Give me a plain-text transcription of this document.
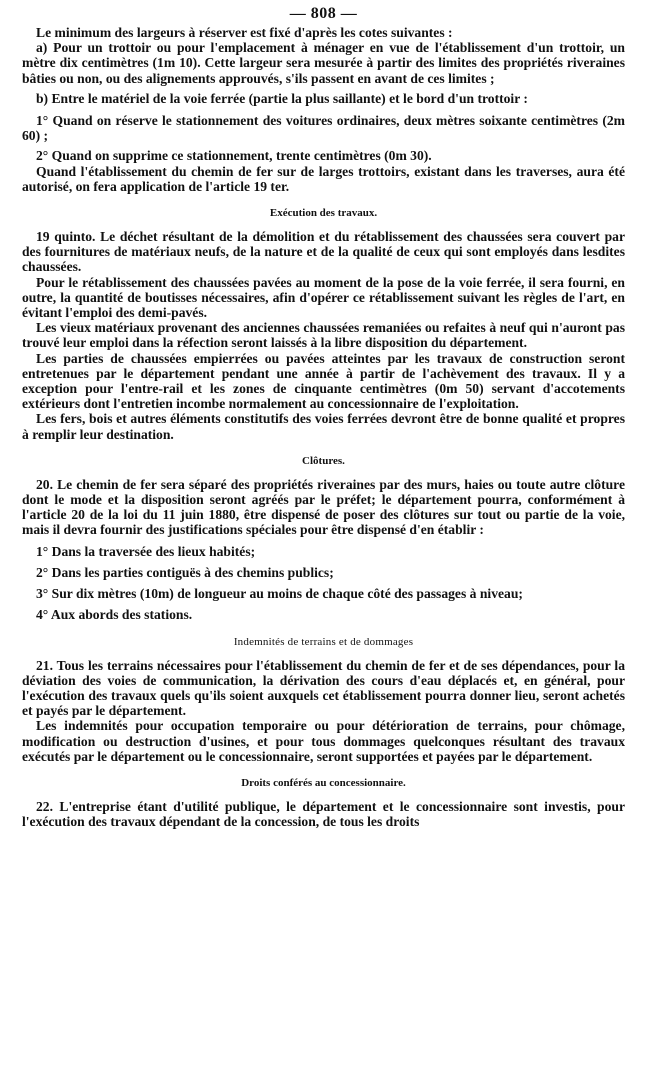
— 808 —

Le minimum des largeurs à réserver est fixé d'après les cotes suivantes :

a) Pour un trottoir ou pour l'emplacement à ménager en vue de l'établissement d'un trottoir, un mètre dix centimètres (1m 10). Cette largeur sera mesurée à partir des limites des propriétés riveraines bâties ou non, ou des alignements approuvés, s'ils passent en avant de ces limites ;

b) Entre le matériel de la voie ferrée (partie la plus saillante) et le bord d'un trottoir :

1° Quand on réserve le stationnement des voitures ordinaires, deux mètres soixante centimètres (2m 60) ;

2° Quand on supprime ce stationnement, trente centimètres (0m 30).

Quand l'établissement du chemin de fer sur de larges trottoirs, existant dans les traverses, aura été autorisé, on fera application de l'article 19 ter.

Exécution des travaux.

19 quinto. Le déchet résultant de la démolition et du rétablissement des chaussées sera couvert par des fournitures de matériaux neufs, de la nature et de la qualité de ceux qui sont employés dans lesdites chaussées.

Pour le rétablissement des chaussées pavées au moment de la pose de la voie ferrée, il sera fourni, en outre, la quantité de boutisses nécessaires, afin d'opérer ce rétablissement suivant les règles de l'art, en évitant l'emploi des demi-pavés.

Les vieux matériaux provenant des anciennes chaussées remaniées ou refaites à neuf qui n'auront pas trouvé leur emploi dans la réfection seront laissés à la libre disposition du département.

Les parties de chaussées empierrées ou pavées atteintes par les travaux de construction seront entretenues par le département pendant une année à partir de l'achèvement des travaux. Il y a exception pour l'entre-rail et les zones de cinquante centimètres (0m 50) servant d'accotements extérieurs dont l'entretien incombe normalement au concessionnaire de l'exploitation.

Les fers, bois et autres éléments constitutifs des voies ferrées devront être de bonne qualité et propres à remplir leur destination.

Clôtures.

20. Le chemin de fer sera séparé des propriétés riveraines par des murs, haies ou toute autre clôture dont le mode et la disposition seront agréés par le préfet; le département pourra, conformément à l'article 20 de la loi du 11 juin 1880, être dispensé de poser des clôtures sur tout ou partie de la voie, mais il devra fournir des justifications spéciales pour être dispensé d'en établir :

1° Dans la traversée des lieux habités;

2° Dans les parties contiguës à des chemins publics;

3° Sur dix mètres (10m) de longueur au moins de chaque côté des passages à niveau;

4° Aux abords des stations.

Indemnités de terrains et de dommages

21. Tous les terrains nécessaires pour l'établissement du chemin de fer et de ses dépendances, pour la déviation des voies de communication, la dérivation des cours d'eau déplacés et, en général, pour l'exécution des travaux quels qu'ils soient auxquels cet établissement pourra donner lieu, seront achetés et payés par le département.

Les indemnités pour occupation temporaire ou pour détérioration de terrains, pour chômage, modification ou destruction d'usines, et pour tous dommages quelconques résultant des travaux exécutés par le département ou le concessionnaire, seront supportées et payées par le département.

Droits conférés au concessionnaire.

22. L'entreprise étant d'utilité publique, le département et le concessionnaire sont investis, pour l'exécution des travaux dépendant de la concession, de tous les droits
